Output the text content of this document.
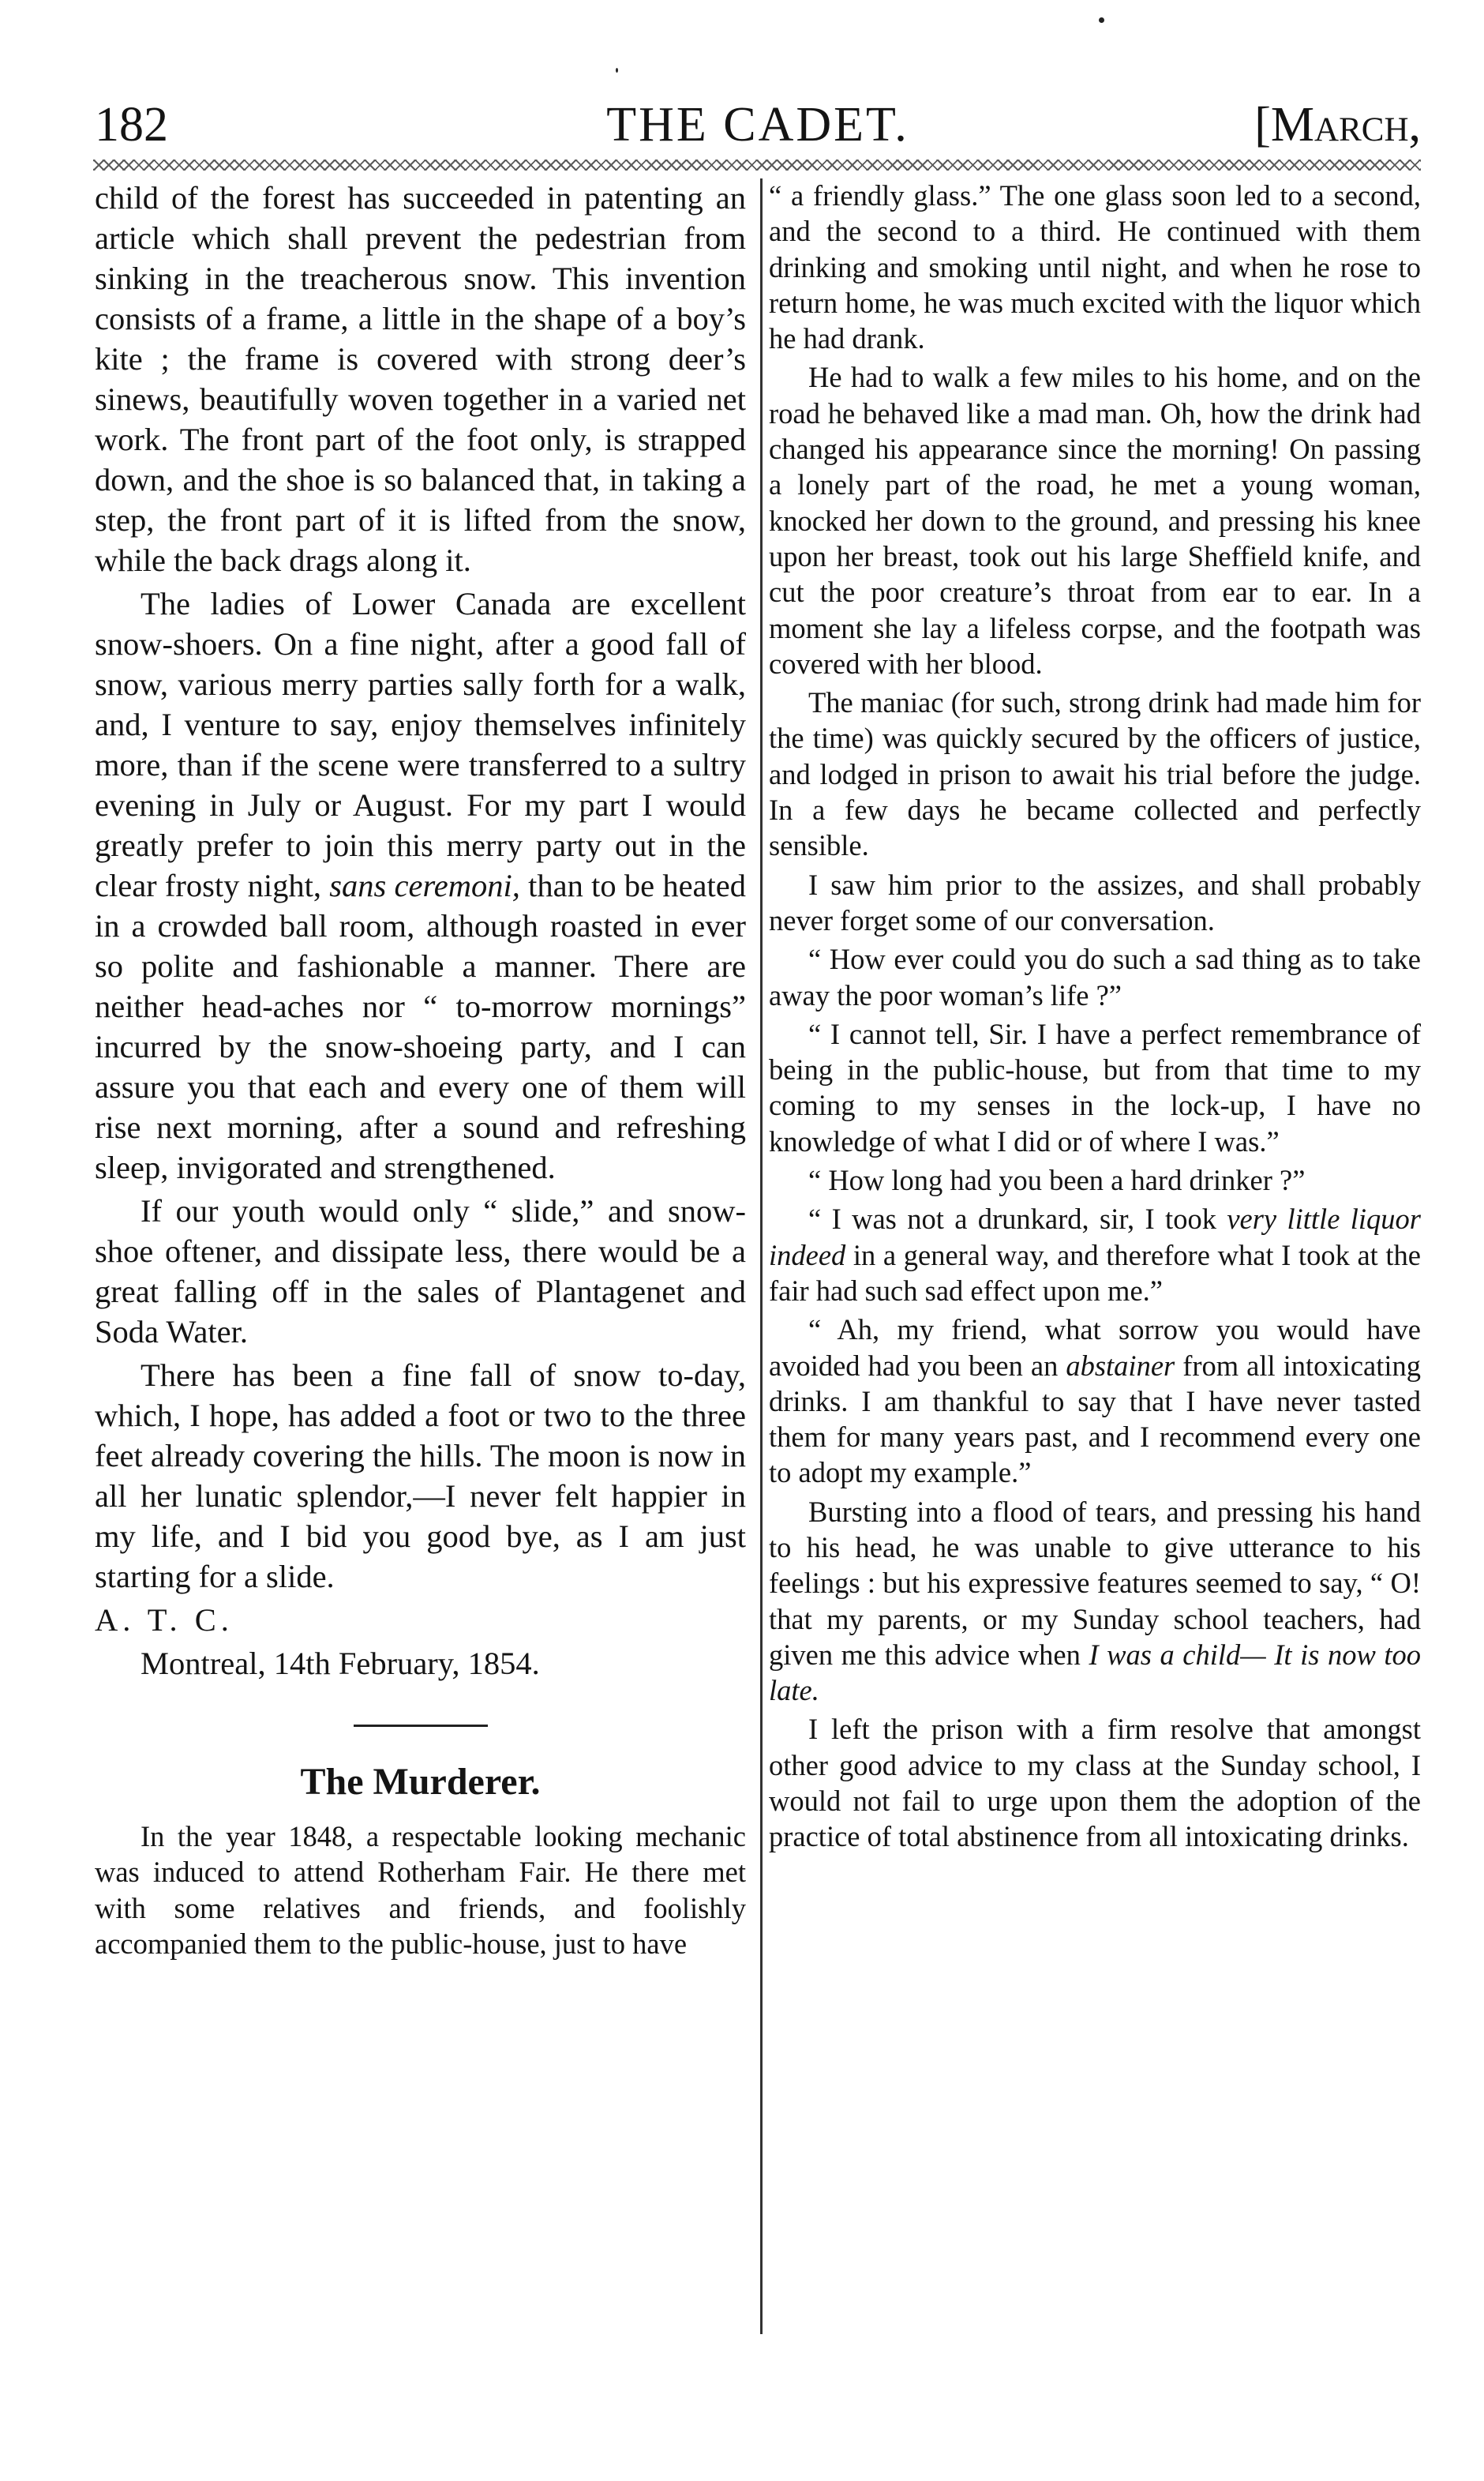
182	THE CADET.	[March,

child of the forest has succeeded in patenting an article which shall prevent the pedestrian from sinking in the treacherous snow. This invention consists of a frame, a little in the shape of a boy’s kite ; the frame is covered with strong deer’s sinews, beautifully woven together in a varied net work. The front part of the foot only, is strapped down, and the shoe is so balanced that, in taking a step, the front part of it is lifted from the snow, while the back drags along it.

The ladies of Lower Canada are excellent snow-shoers. On a fine night, after a good fall of snow, various merry parties sally forth for a walk, and, I venture to say, enjoy themselves infinitely more, than if the scene were transferred to a sultry evening in July or August. For my part I would greatly prefer to join this merry party out in the clear frosty night, sans ceremoni, than to be heated in a crowded ball room, although roasted in ever so polite and fashionable a manner. There are neither head-aches nor “ to-morrow mornings” incurred by the snow-shoeing party, and I can assure you that each and every one of them will rise next morning, after a sound and refreshing sleep, invigorated and strengthened.

If our youth would only “ slide,” and snow-shoe oftener, and dissipate less, there would be a great falling off in the sales of Plantagenet and Soda Water.

There has been a fine fall of snow to-day, which, I hope, has added a foot or two to the three feet already covering the hills. The moon is now in all her lunatic splendor,—I never felt happier in my life, and I bid you good bye, as I am just starting for a slide.

A. T. C.

Montreal, 14th February, 1854.

The Murderer.

In the year 1848, a respectable looking mechanic was induced to attend Rotherham Fair. He there met with some relatives and friends, and foolishly accompanied them to the public-house, just to have

“ a friendly glass.” The one glass soon led to a second, and the second to a third. He continued with them drinking and smoking until night, and when he rose to return home, he was much excited with the liquor which he had drank.

He had to walk a few miles to his home, and on the road he behaved like a mad man. Oh, how the drink had changed his appearance since the morning! On passing a lonely part of the road, he met a young woman, knocked her down to the ground, and pressing his knee upon her breast, took out his large Sheffield knife, and cut the poor creature’s throat from ear to ear. In a moment she lay a lifeless corpse, and the footpath was covered with her blood.

The maniac (for such, strong drink had made him for the time) was quickly secured by the officers of justice, and lodged in prison to await his trial before the judge. In a few days he became collected and perfectly sensible.

I saw him prior to the assizes, and shall probably never forget some of our conversation.

“ How ever could you do such a sad thing as to take away the poor woman’s life ?”

“ I cannot tell, Sir. I have a perfect remembrance of being in the public-house, but from that time to my coming to my senses in the lock-up, I have no knowledge of what I did or of where I was.”

“ How long had you been a hard drinker ?”

“ I was not a drunkard, sir, I took very little liquor indeed in a general way, and therefore what I took at the fair had such sad effect upon me.”

“ Ah, my friend, what sorrow you would have avoided had you been an abstainer from all intoxicating drinks. I am thankful to say that I have never tasted them for many years past, and I recommend every one to adopt my example.”

Bursting into a flood of tears, and pressing his hand to his head, he was unable to give utterance to his feelings : but his expressive features seemed to say, “ O! that my parents, or my Sunday school teachers, had given me this advice when I was a child— It is now too late.

I left the prison with a firm resolve that amongst other good advice to my class at the Sunday school, I would not fail to urge upon them the adoption of the practice of total abstinence from all intoxicating drinks.
